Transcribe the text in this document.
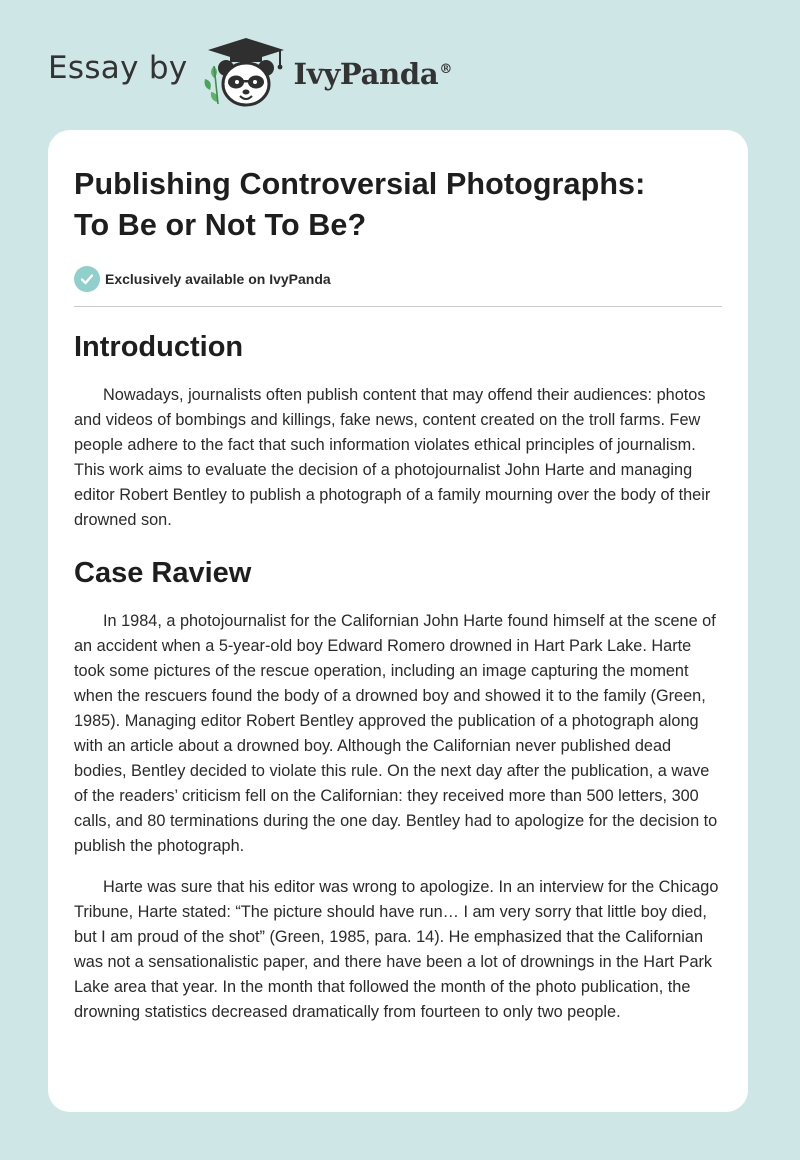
Essay by	IvyPanda®
Publishing Controversial Photographs:
To Be or Not To Be?
Exclusively available on IvyPanda
Introduction

Nowadays, journalists often publish content that may offend their audiences: photos and videos of bombings and killings, fake news, content created on the troll farms. Few people adhere to the fact that such information violates ethical principles of journalism. This work aims to evaluate the decision of a photojournalist John Harte and managing editor Robert Bentley to publish a photograph of a family mourning over the body of their drowned son.

Case Raview

In 1984, a photojournalist for the Californian John Harte found himself at the scene of an accident when a 5-year-old boy Edward Romero drowned in Hart Park Lake. Harte took some pictures of the rescue operation, including an image capturing the moment when the rescuers found the body of a drowned boy and showed it to the family (Green, 1985). Managing editor Robert Bentley approved the publication of a photograph along with an article about a drowned boy. Although the Californian never published dead bodies, Bentley decided to violate this rule. On the next day after the publication, a wave of the readers’ criticism fell on the Californian: they received more than 500 letters, 300 calls, and 80 terminations during the one day. Bentley had to apologize for the decision to publish the photograph.

Harte was sure that his editor was wrong to apologize. In an interview for the Chicago Tribune, Harte stated: “The picture should have run… I am very sorry that little boy died, but I am proud of the shot” (Green, 1985, para. 14). He emphasized that the Californian was not a sensationalistic paper, and there have been a lot of drownings in the Hart Park Lake area that year. In the month that followed the month of the photo publication, the drowning statistics decreased dramatically from fourteen to only two people.
